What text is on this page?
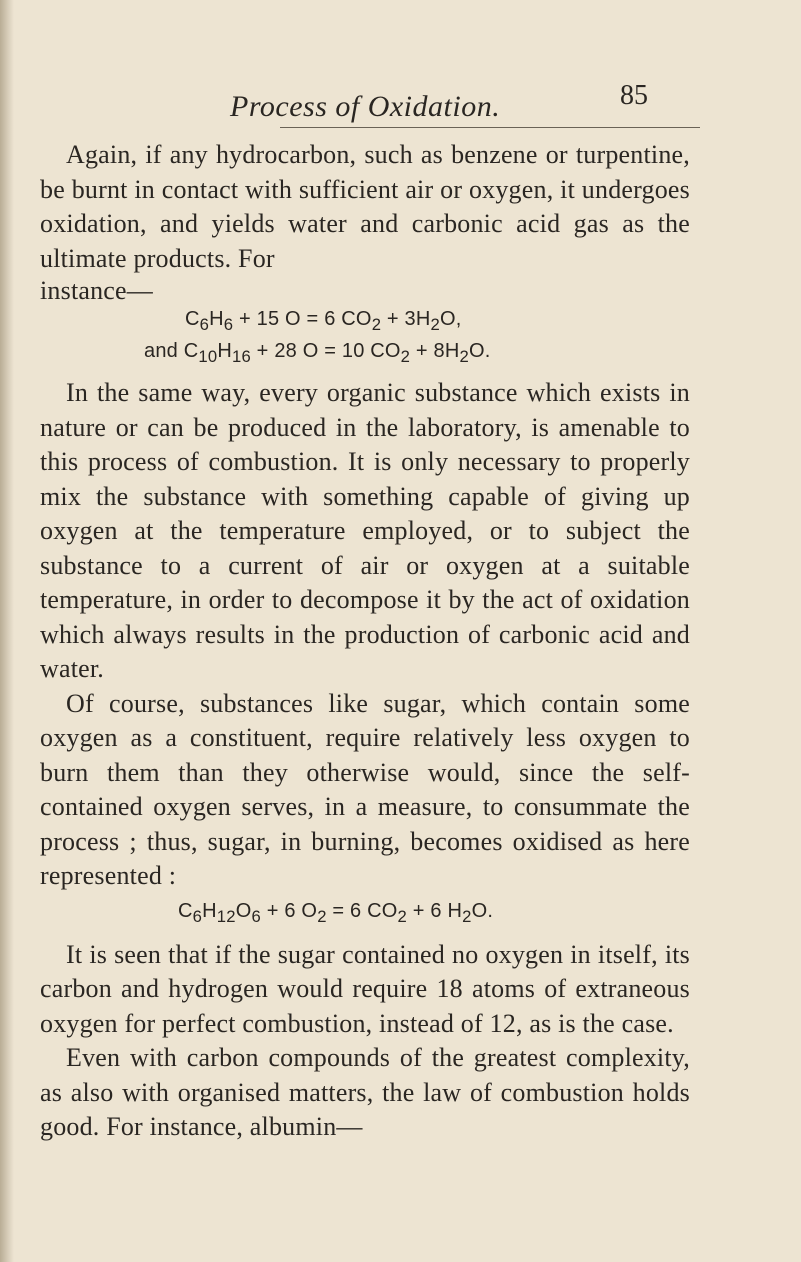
Process of Oxidation.	85

Again, if any hydrocarbon, such as benzene or turpentine, be burnt in contact with sufficient air or oxygen, it undergoes oxidation, and yields water and carbonic acid gas as the ultimate products. For

instance—

$C_6H_6 + 15$ O = 6 $CO_2 + 3H_2O$,
and $C_{10}H_{16} + 28$ O = 10 $CO_2 + 8H_2O$.

In the same way, every organic substance which exists in nature or can be produced in the laboratory, is amenable to this process of combustion. It is only necessary to properly mix the substance with something capable of giving up oxygen at the temperature employed, or to subject the substance to a current of air or oxygen at a suitable temperature, in order to decompose it by the act of oxidation which always results in the production of carbonic acid and water.

Of course, substances like sugar, which contain some oxygen as a constituent, require relatively less oxygen to burn them than they otherwise would, since the self-contained oxygen serves, in a measure, to consummate the process ; thus, sugar, in burning, becomes oxidised as here represented :

$C_6H_{12}O_6 + 6$ $O_2 = 6$ $CO_2 + 6$ $H_2O$.

It is seen that if the sugar contained no oxygen in itself, its carbon and hydrogen would require 18 atoms of extraneous oxygen for perfect combustion, instead of 12, as is the case.

Even with carbon compounds of the greatest complexity, as also with organised matters, the law of combustion holds good. For instance, albumin—
